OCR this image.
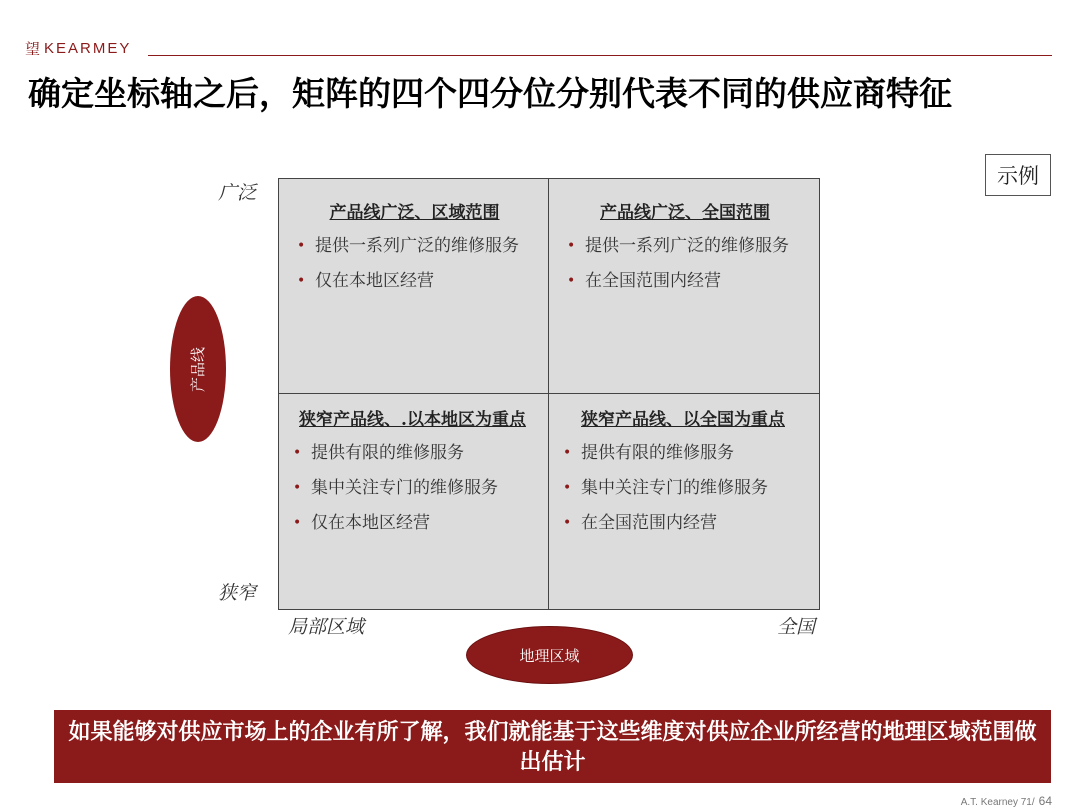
望 KEARMEY
确定坐标轴之后，矩阵的四个四分位分别代表不同的供应商特征
示例
广泛
狭窄
局部区域	全国
产品线
产品线广泛、区域范围
• 提供一系列广泛的维修服务
• 仅在本地区经营
产品线广泛、全国范围
• 提供一系列广泛的维修服务
• 在全国范围内经营
狭窄产品线、.以本地区为重点
• 提供有限的维修服务
• 集中关注专门的维修服务
• 仅在本地区经营
狭窄产品线、以全国为重点
• 提供有限的维修服务
• 集中关注专门的维修服务
• 在全国范围内经营
地理区域
如果能够对供应市场上的企业有所了解，我们就能基于这些维度对供应企业所经营的地理区域范围做出估计
A.T. Kearney 71/ 64
